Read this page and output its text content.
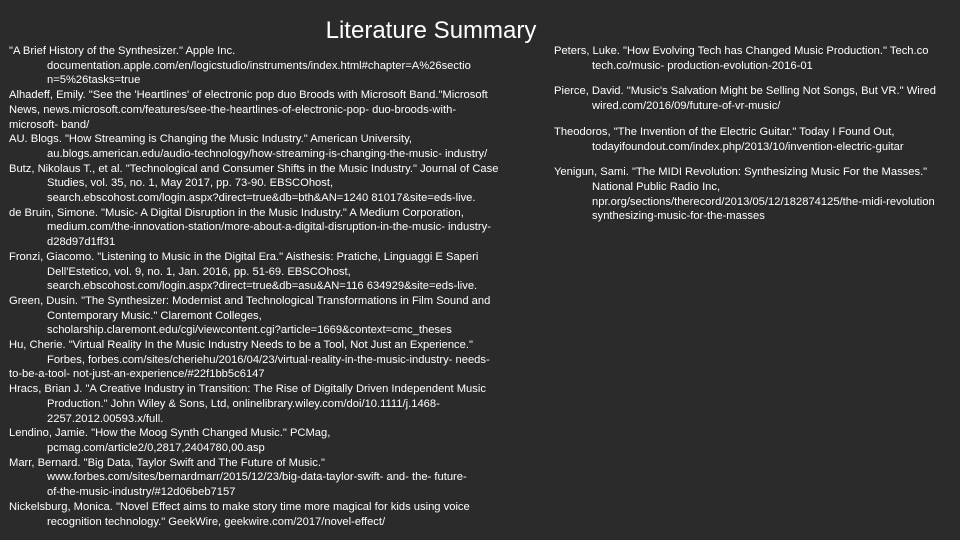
Literature Summary
"A Brief History of the Synthesizer." Apple Inc.
documentation.apple.com/en/logicstudio/instruments/index.html#chapter=A%26sectio
n=5%26tasks=true
Alhadeff, Emily. "See the 'Heartlines' of electronic pop duo Broods with Microsoft Band."Microsoft
News, news.microsoft.com/features/see-the-heartlines-of-electronic-pop- duo-broods-with-
microsoft- band/
AU. Blogs. "How Streaming is Changing the Music Industry." American University,
au.blogs.american.edu/audio-technology/how-streaming-is-changing-the-music- industry/
Butz, Nikolaus T., et al. "Technological and Consumer Shifts in the Music Industry." Journal of Case
Studies, vol. 35, no. 1, May 2017, pp. 73-90. EBSCOhost,
search.ebscohost.com/login.aspx?direct=true&db=bth&AN=1240 81017&site=eds-live.
de Bruin, Simone. "Music- A Digital Disruption in the Music Industry." A Medium Corporation,
medium.com/the-innovation-station/more-about-a-digital-disruption-in-the-music- industry-
d28d97d1ff31
Fronzi, Giacomo. "Listening to Music in the Digital Era." Aisthesis: Pratiche, Linguaggi E Saperi
Dell'Estetico, vol. 9, no. 1, Jan. 2016, pp. 51-69. EBSCOhost,
search.ebscohost.com/login.aspx?direct=true&db=asu&AN=116 634929&site=eds-live.
Green, Dusin. "The Synthesizer: Modernist and Technological Transformations in Film Sound and
Contemporary Music." Claremont Colleges,
scholarship.claremont.edu/cgi/viewcontent.cgi?article=1669&context=cmc_theses
Hu, Cherie. "Virtual Reality In the Music Industry Needs to be a Tool, Not Just an Experience."
Forbes, forbes.com/sites/cheriehu/2016/04/23/virtual-reality-in-the-music-industry- needs-
to-be-a-tool- not-just-an-experience/#22f1bb5c6147
Hracs, Brian J. "A Creative Industry in Transition: The Rise of Digitally Driven Independent Music
Production." John Wiley & Sons, Ltd, onlinelibrary.wiley.com/doi/10.1111/j.1468-
2257.2012.00593.x/full.
Lendino, Jamie. "How the Moog Synth Changed Music." PCMag,
pcmag.com/article2/0,2817,2404780,00.asp
Marr, Bernard. "Big Data, Taylor Swift and The Future of Music."
www.forbes.com/sites/bernardmarr/2015/12/23/big-data-taylor-swift- and- the- future-
of-the-music-industry/#12d06beb7157
Nickelsburg, Monica. "Novel Effect aims to make story time more magical for kids using voice
recognition technology." GeekWire, geekwire.com/2017/novel-effect/
Peters, Luke. "How Evolving Tech has Changed Music Production." Tech.co
tech.co/music- production-evolution-2016-01
Pierce, David. "Music's Salvation Might be Selling Not Songs, But VR." Wired
wired.com/2016/09/future-of-vr-music/
Theodoros, "The Invention of the Electric Guitar." Today I Found Out,
todayifoundout.com/index.php/2013/10/invention-electric-guitar
Yenigun, Sami. "The MIDI Revolution: Synthesizing Music For the Masses."
National Public Radio Inc,
npr.org/sections/therecord/2013/05/12/182874125/the-midi-revolution
synthesizing-music-for-the-masses
